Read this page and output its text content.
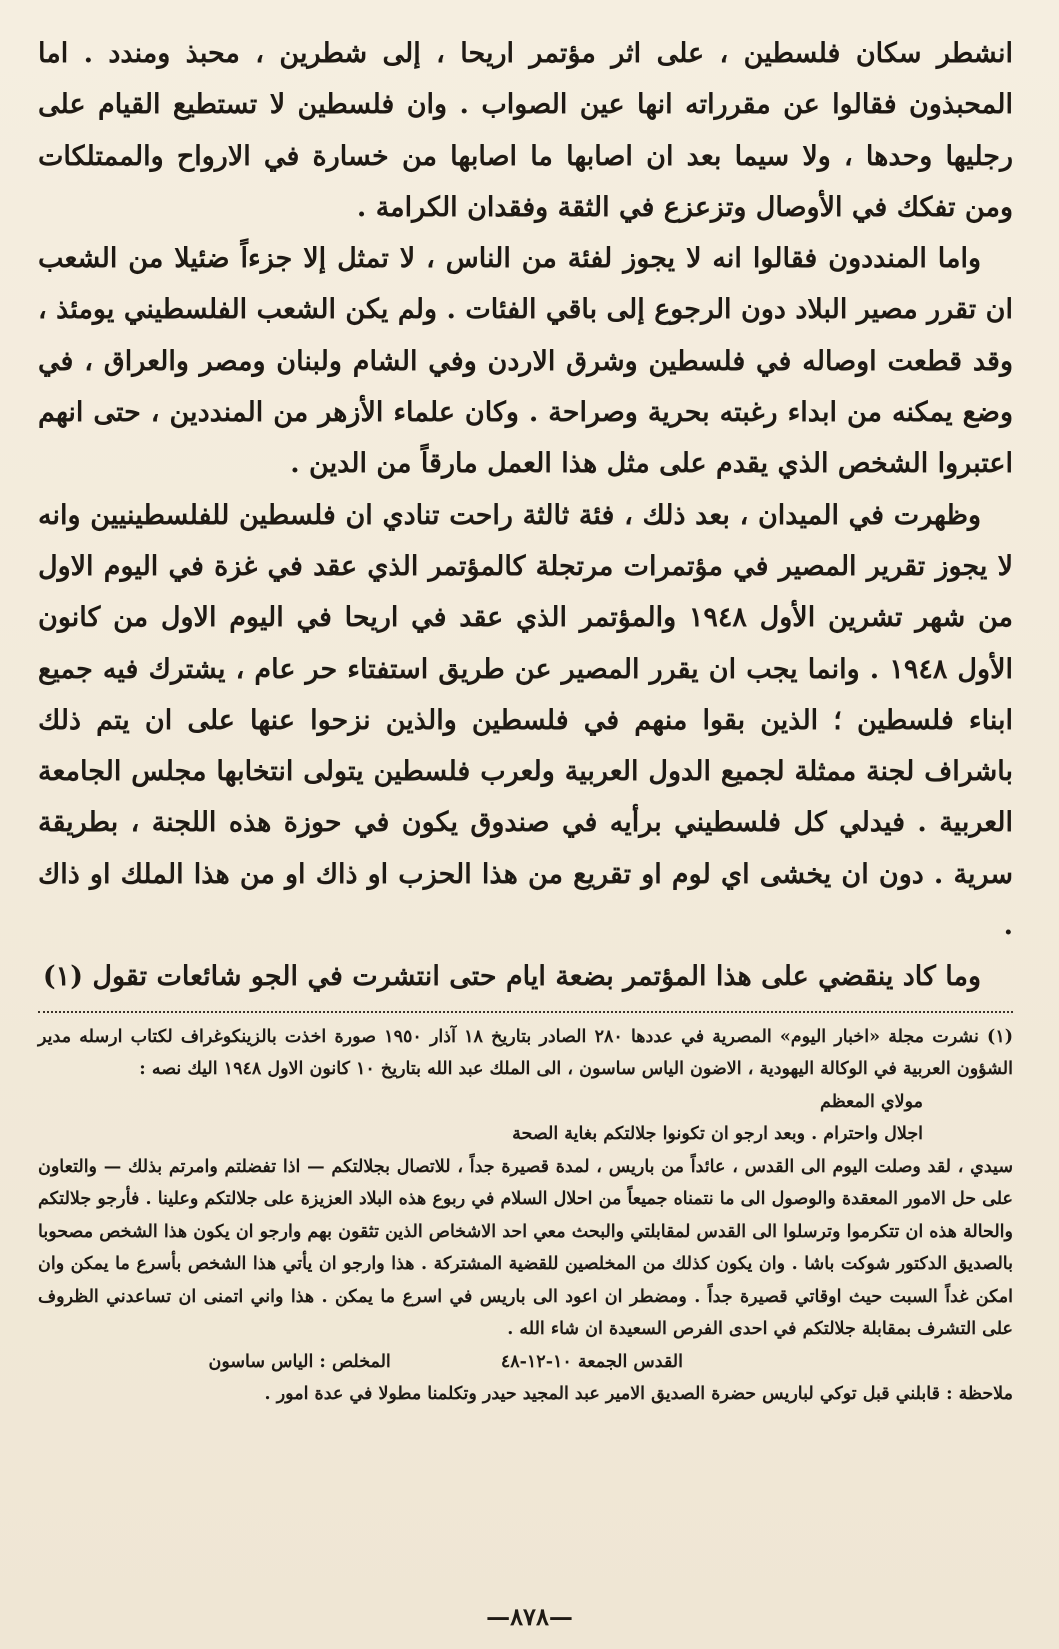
انشطر سكان فلسطين ، على اثر مؤتمر اريحا ، إلى شطرين ، محبذ ومندد . اما المحبذون فقالوا عن مقرراته انها عين الصواب . وان فلسطين لا تستطيع القيام على رجليها وحدها ، ولا سيما بعد ان اصابها ما اصابها من خسارة في الارواح والممتلكات ومن تفكك في الأوصال وتزعزع في الثقة وفقدان الكرامة .

واما المنددون فقالوا انه لا يجوز لفئة من الناس ، لا تمثل إلا جزءاً ضئيلا من الشعب ان تقرر مصير البلاد دون الرجوع إلى باقي الفئات . ولم يكن الشعب الفلسطيني يومئذ ، وقد قطعت اوصاله في فلسطين وشرق الاردن وفي الشام ولبنان ومصر والعراق ، في وضع يمكنه من ابداء رغبته بحرية وصراحة . وكان علماء الأزهر من المنددين ، حتى انهم اعتبروا الشخص الذي يقدم على مثل هذا العمل مارقاً من الدين .

وظهرت في الميدان ، بعد ذلك ، فئة ثالثة راحت تنادي ان فلسطين للفلسطينيين وانه لا يجوز تقرير المصير في مؤتمرات مرتجلة كالمؤتمر الذي عقد في غزة في اليوم الاول من شهر تشرين الأول ١٩٤٨ والمؤتمر الذي عقد في اريحا في اليوم الاول من كانون الأول ١٩٤٨ . وانما يجب ان يقرر المصير عن طريق استفتاء حر عام ، يشترك فيه جميع ابناء فلسطين ؛ الذين بقوا منهم في فلسطين والذين نزحوا عنها على ان يتم ذلك باشراف لجنة ممثلة لجميع الدول العربية ولعرب فلسطين يتولى انتخابها مجلس الجامعة العربية . فيدلي كل فلسطيني برأيه في صندوق يكون في حوزة هذه اللجنة ، بطريقة سرية . دون ان يخشى اي لوم او تقريع من هذا الحزب او ذاك او من هذا الملك او ذاك .

وما كاد ينقضي على هذا المؤتمر بضعة ايام حتى انتشرت في الجو شائعات تقول (١)

(١) نشرت مجلة «اخبار اليوم» المصرية في عددها ٢٨٠ الصادر بتاريخ ١٨ آذار ١٩٥٠ صورة اخذت بالزينكوغراف لكتاب ارسله مدير الشؤون العربية في الوكالة اليهودية ، الاضون الياس ساسون ، الى الملك عبد الله بتاريخ ١٠ كانون الاول ١٩٤٨ اليك نصه :

مولاي المعظم

اجلال واحترام . وبعد ارجو ان تكونوا جلالتكم بغاية الصحة

سيدي ، لقد وصلت اليوم الى القدس ، عائداً من باريس ، لمدة قصيرة جداً ، للاتصال بجلالتكم — اذا تفضلتم وامرتم بذلك — والتعاون على حل الامور المعقدة والوصول الى ما نتمناه جميعاً من احلال السلام في ربوع هذه البلاد العزيزة على جلالتكم وعلينا . فأرجو جلالتكم والحالة هذه ان تتكرموا وترسلوا الى القدس لمقابلتي والبحث معي احد الاشخاص الذين تثقون بهم وارجو ان يكون هذا الشخص مصحوبا بالصديق الدكتور شوكت باشا . وان يكون كذلك من المخلصين للقضية المشتركة . هذا وارجو ان يأتي هذا الشخص بأسرع ما يمكن وان امكن غداً السبت حيث اوقاتي قصيرة جداً . ومضطر ان اعود الى باريس في اسرع ما يمكن . هذا واني اتمنى ان تساعدني الظروف على التشرف بمقابلة جلالتكم في احدى الفرص السعيدة ان شاء الله .

القدس الجمعة ١٠-١٢-٤٨
المخلص : الياس ساسون

ملاحظة : قابلني قبل توكي لباريس حضرة الصديق الامير عبد المجيد حيدر وتكلمنا مطولا في عدة امور .

—٨٧٨—
